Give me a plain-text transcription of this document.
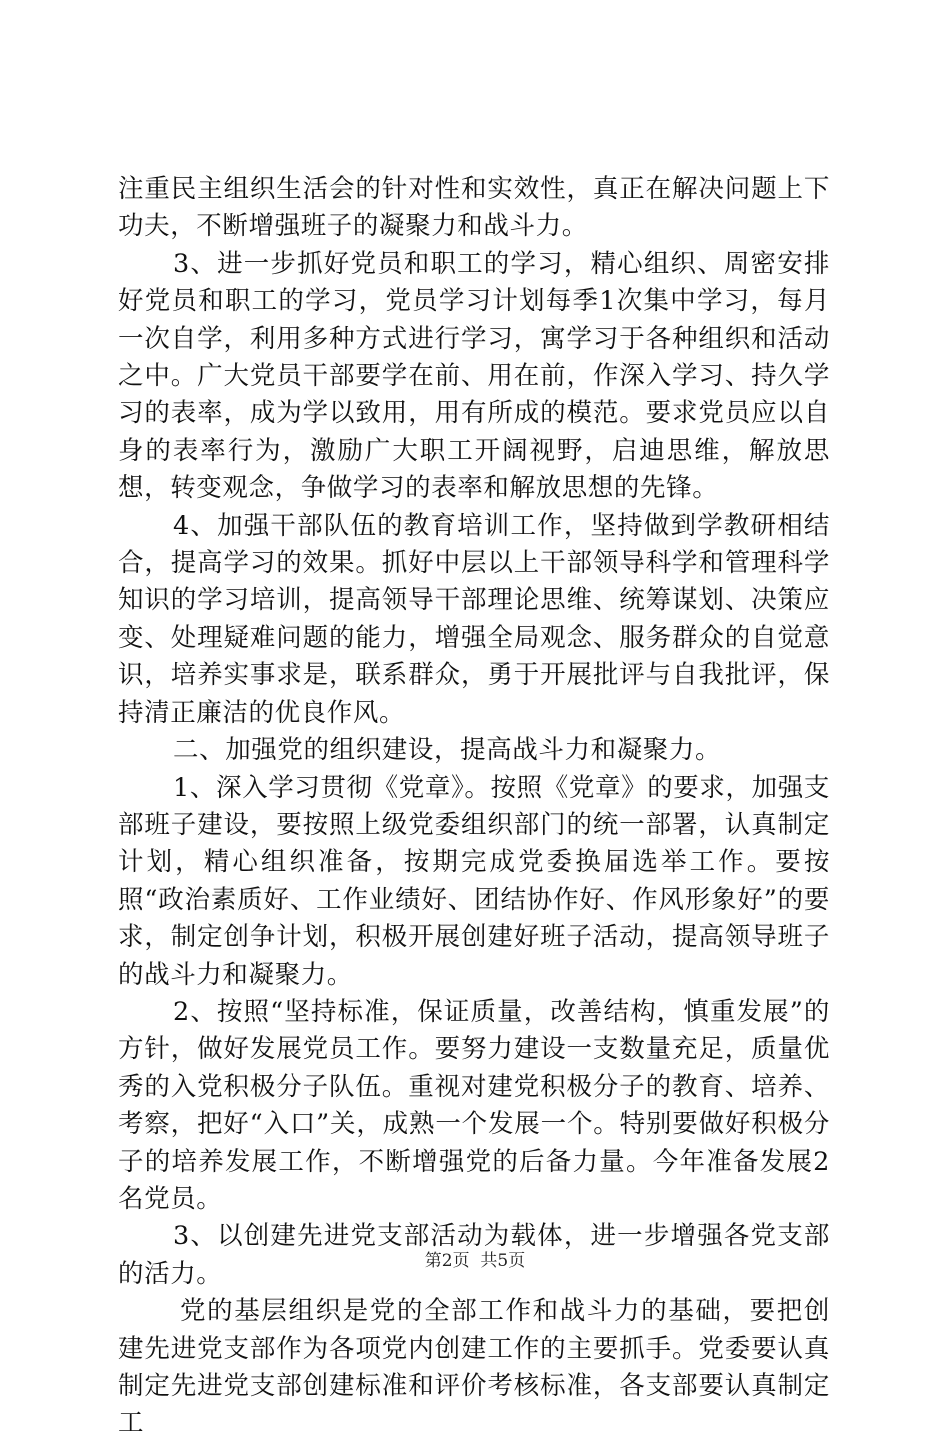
注重民主组织生活会的针对性和实效性，真正在解决问题上下功夫，不断增强班子的凝聚力和战斗力。

3、进一步抓好党员和职工的学习，精心组织、周密安排好党员和职工的学习，党员学习计划每季1次集中学习，每月一次自学，利用多种方式进行学习，寓学习于各种组织和活动之中。广大党员干部要学在前、用在前，作深入学习、持久学习的表率，成为学以致用，用有所成的模范。要求党员应以自身的表率行为，激励广大职工开阔视野，启迪思维，解放思想，转变观念，争做学习的表率和解放思想的先锋。

4、加强干部队伍的教育培训工作，坚持做到学教研相结合，提高学习的效果。抓好中层以上干部领导科学和管理科学知识的学习培训，提高领导干部理论思维、统筹谋划、决策应变、处理疑难问题的能力，增强全局观念、服务群众的自觉意识，培养实事求是，联系群众，勇于开展批评与自我批评，保持清正廉洁的优良作风。

二、加强党的组织建设，提高战斗力和凝聚力。

1、深入学习贯彻《党章》。按照《党章》的要求，加强支部班子建设，要按照上级党委组织部门的统一部署，认真制定计划，精心组织准备，按期完成党委换届选举工作。要按照“政治素质好、工作业绩好、团结协作好、作风形象好”的要求，制定创争计划，积极开展创建好班子活动，提高领导班子的战斗力和凝聚力。

2、按照“坚持标准，保证质量，改善结构，慎重发展”的方针，做好发展党员工作。要努力建设一支数量充足，质量优秀的入党积极分子队伍。重视对建党积极分子的教育、培养、考察，把好“入口”关，成熟一个发展一个。特别要做好积极分子的培养发展工作，不断增强党的后备力量。今年准备发展2名党员。

3、以创建先进党支部活动为载体，进一步增强各党支部的活力。

党的基层组织是党的全部工作和战斗力的基础，要把创建先进党支部作为各项党内创建工作的主要抓手。党委要认真制定先进党支部创建标准和评价考核标准，各支部要认真制定工

第2页  共5页
